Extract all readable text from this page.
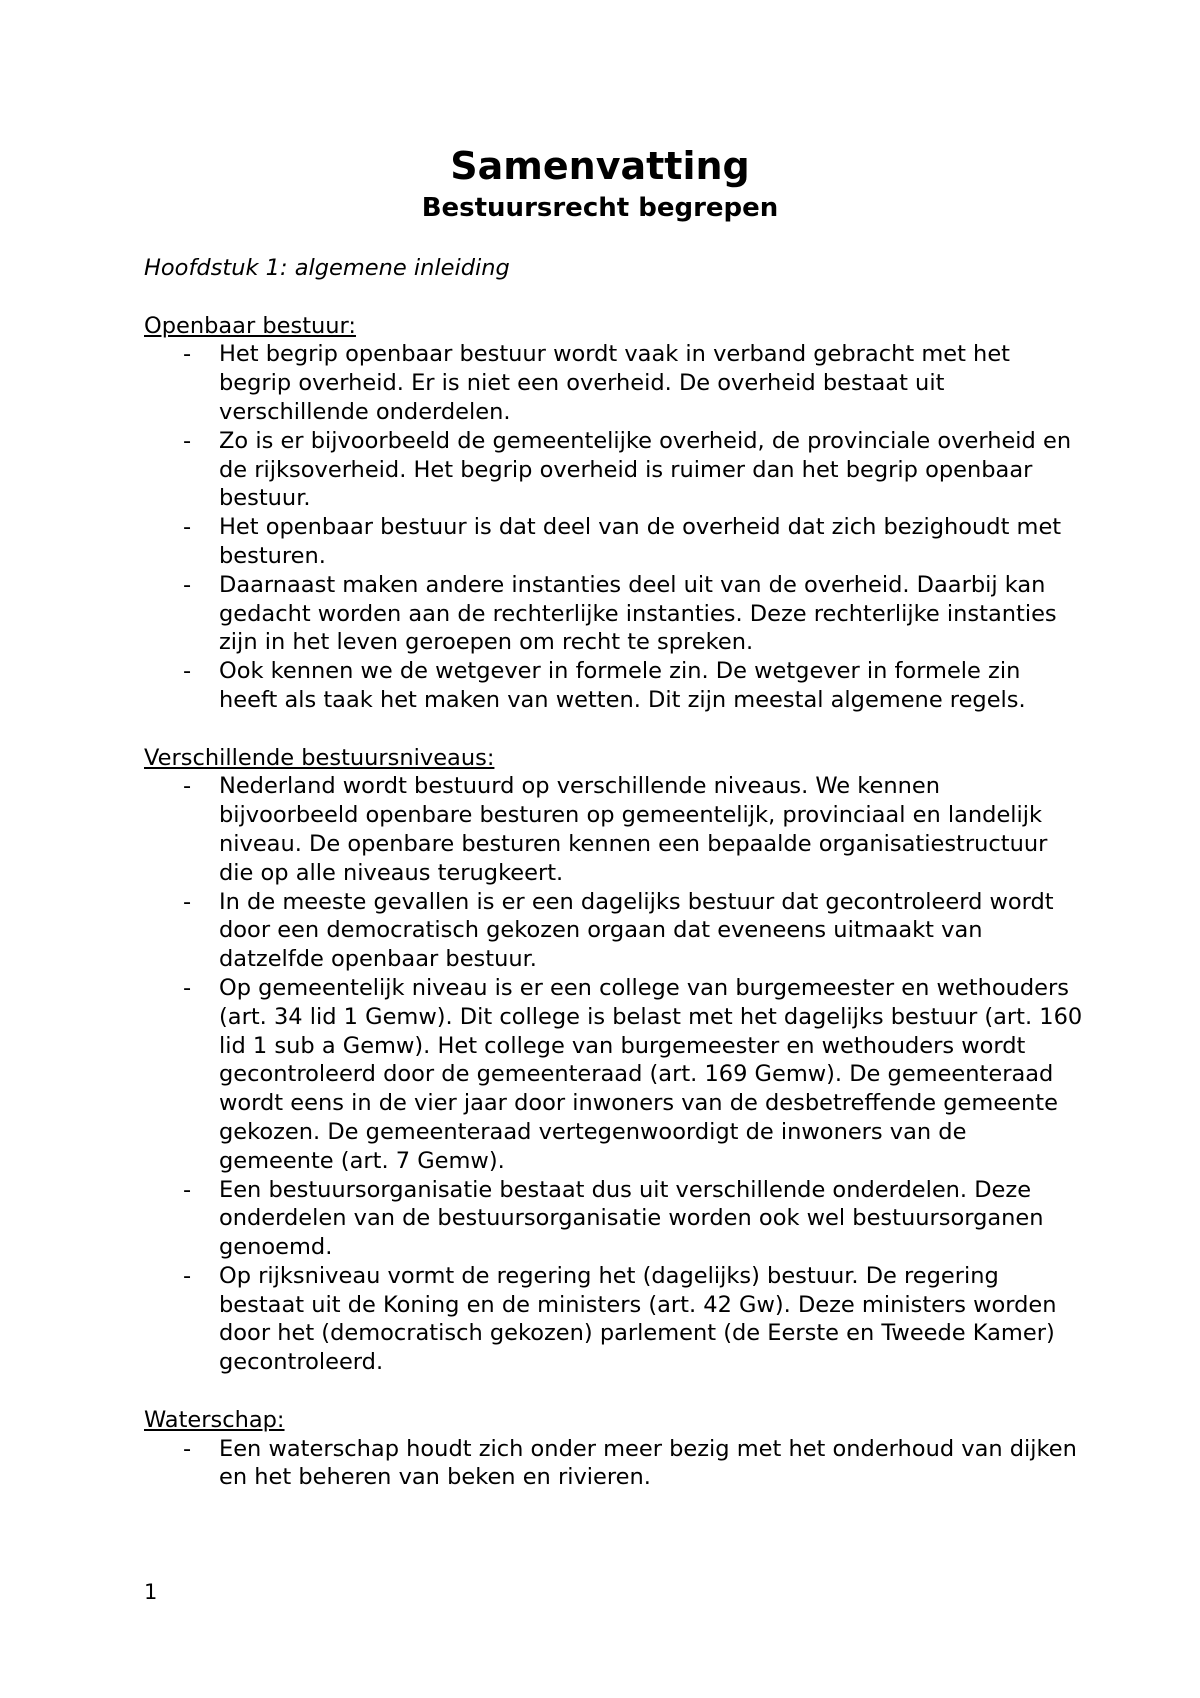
Samenvatting
Bestuursrecht begrepen

Hoofdstuk 1: algemene inleiding

Openbaar bestuur:

- Het begrip openbaar bestuur wordt vaak in verband gebracht met het begrip overheid. Er is niet een overheid. De overheid bestaat uit verschillende onderdelen.
- Zo is er bijvoorbeeld de gemeentelijke overheid, de provinciale overheid en de rijksoverheid. Het begrip overheid is ruimer dan het begrip openbaar bestuur.
- Het openbaar bestuur is dat deel van de overheid dat zich bezighoudt met besturen.
- Daarnaast maken andere instanties deel uit van de overheid. Daarbij kan gedacht worden aan de rechterlijke instanties. Deze rechterlijke instanties zijn in het leven geroepen om recht te spreken.
- Ook kennen we de wetgever in formele zin. De wetgever in formele zin heeft als taak het maken van wetten. Dit zijn meestal algemene regels.

Verschillende bestuursniveaus:

- Nederland wordt bestuurd op verschillende niveaus. We kennen bijvoorbeeld openbare besturen op gemeentelijk, provinciaal en landelijk niveau. De openbare besturen kennen een bepaalde organisatiestructuur die op alle niveaus terugkeert.
- In de meeste gevallen is er een dagelijks bestuur dat gecontroleerd wordt door een democratisch gekozen orgaan dat eveneens uitmaakt van datzelfde openbaar bestuur.
- Op gemeentelijk niveau is er een college van burgemeester en wethouders (art. 34 lid 1 Gemw). Dit college is belast met het dagelijks bestuur (art. 160 lid 1 sub a Gemw). Het college van burgemeester en wethouders wordt gecontroleerd door de gemeenteraad (art. 169 Gemw). De gemeenteraad wordt eens in de vier jaar door inwoners van de desbetreffende gemeente gekozen. De gemeenteraad vertegenwoordigt de inwoners van de gemeente (art. 7 Gemw).
- Een bestuursorganisatie bestaat dus uit verschillende onderdelen. Deze onderdelen van de bestuursorganisatie worden ook wel bestuursorganen genoemd.
- Op rijksniveau vormt de regering het (dagelijks) bestuur. De regering bestaat uit de Koning en de ministers (art. 42 Gw). Deze ministers worden door het (democratisch gekozen) parlement (de Eerste en Tweede Kamer) gecontroleerd.

Waterschap:

- Een waterschap houdt zich onder meer bezig met het onderhoud van dijken en het beheren van beken en rivieren.
1
